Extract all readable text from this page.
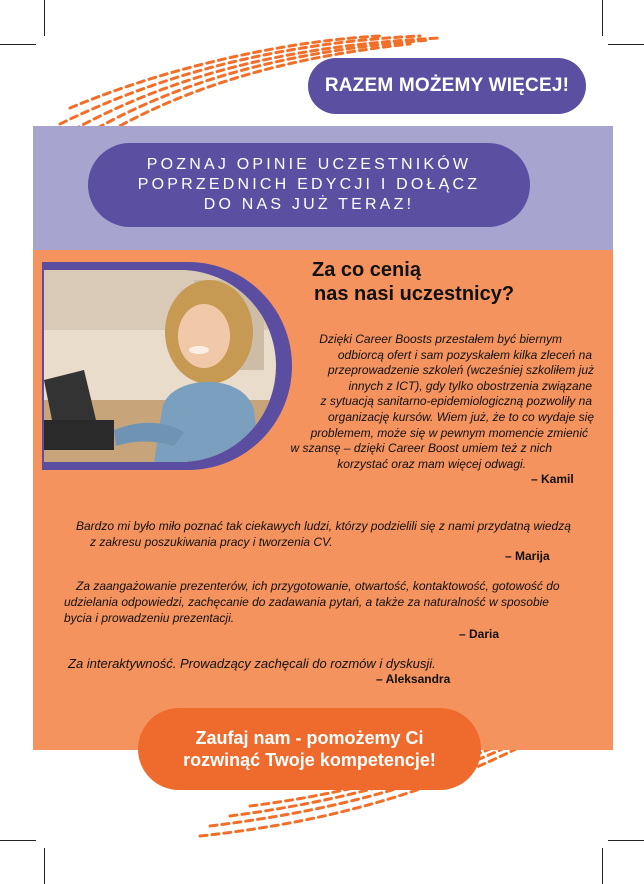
RAZEM MOŻEMY WIĘCEJ!
POZNAJ OPINIE UCZESTNIKÓW
POPRZEDNICH EDYCJI I DOŁĄCZ
DO NAS JUŻ TERAZ!
Za co cenią
nas nasi uczestnicy?
Dzięki Career Boosts przestałem być biernym
odbiorcą ofert i sam pozyskałem kilka zleceń na
przeprowadzenie szkoleń (wcześniej szkoliłem już
innych z ICT), gdy tylko obostrzenia związane
z sytuacją sanitarno-epidemiologiczną pozwoliły na
organizację kursów. Wiem już, że to co wydaje się
problemem, może się w pewnym momencie zmienić
w szansę – dzięki Career Boost umiem też z nich
korzystać oraz mam więcej odwagi.
– Kamil
Bardzo mi było miło poznać tak ciekawych ludzi, którzy podzielili się z nami przydatną wiedzą
z zakresu poszukiwania pracy i tworzenia CV.
– Marija
Za zaangażowanie prezenterów, ich przygotowanie, otwartość, kontaktowość, gotowość do
udzielania odpowiedzi, zachęcanie do zadawania pytań, a także za naturalność w sposobie
bycia i prowadzeniu prezentacji.
– Daria
Za interaktywność. Prowadzący zachęcali do rozmów i dyskusji.
– Aleksandra
Zaufaj nam - pomożemy Ci
rozwinąć Twoje kompetencje!
